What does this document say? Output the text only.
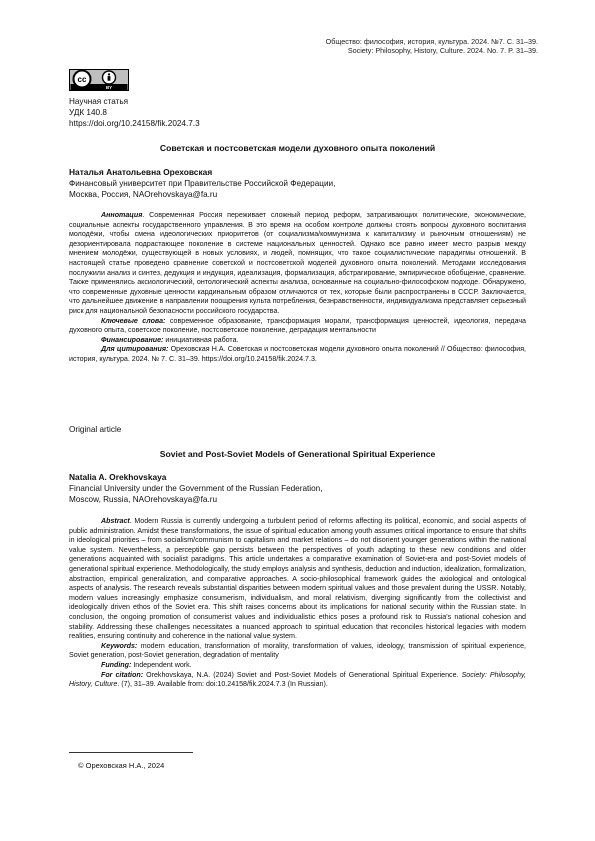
Общество: философия, история, культура. 2024. №7. С. 31–39.
Society: Philosophy, History, Culture. 2024. No. 7. P. 31–39.
cc
BY
Научная статья
УДК 140.8
https://doi.org/10.24158/fik.2024.7.3
Советская и постсоветская модели духовного опыта поколений
Наталья Анатольевна Ореховская
Финансовый университет при Правительстве Российской Федерации,
Москва, Россия, NAOrehovskaya@fa.ru

Аннотация. Современная Россия переживает сложный период реформ, затрагивающих политические, экономические, социальные аспекты государственного управления. В это время на особом контроле должны стоять вопросы духовного воспитания молодёжи, чтобы смена идеологических приоритетов (от социализма/коммунизма к капитализму и рыночным отношениям) не дезориентировала подрастающее поколение в системе национальных ценностей. Однако все равно имеет место разрыв между мнением молодёжи, существующей в новых условиях, и людей, помнящих, что такое социалистические парадигмы отношений. В настоящей статье проведено сравнение советской и постсоветской моделей духовного опыта поколений. Методами исследования послужили анализ и синтез, дедукция и индукция, идеализация, формализация, абстрагирование, эмпирическое обобщение, сравнение. Также применялись аксиологический, онтологический аспекты анализа, основанные на социально-философском подходе. Обнаружено, что современные духовные ценности кардинальным образом отличаются от тех, которые были распространены в СССР. Заключается, что дальнейшее движение в направлении поощрения культа потребления, безнравственности, индивидуализма представляет серьезный риск для национальной безопасности российского государства.

Ключевые слова: современное образование, трансформация морали, трансформация ценностей, идеология, передача духовного опыта, советское поколение, постсоветское поколение, деградация ментальности

Финансирование: инициативная работа.

Для цитирования: Ореховская Н.А. Советская и постсоветская модели духовного опыта поколений // Общество: философия, история, культура. 2024. № 7. С. 31–39. https://doi.org/10.24158/fik.2024.7.3.

Original article
Soviet and Post-Soviet Models of Generational Spiritual Experience
Natalia A. Orekhovskaya
Financial University under the Government of the Russian Federation,
Moscow, Russia, NAOrehovskaya@fa.ru

Abstract. Modern Russia is currently undergoing a turbulent period of reforms affecting its political, economic, and social aspects of public administration. Amidst these transformations, the issue of spiritual education among youth assumes critical importance to ensure that shifts in ideological priorities – from socialism/communism to capitalism and market relations – do not disorient younger generations within the national value system. Nevertheless, a perceptible gap persists between the perspectives of youth adapting to these new conditions and older generations acquainted with socialist paradigms. This article undertakes a comparative examination of Soviet-era and post-Soviet models of generational spiritual experience. Methodologically, the study employs analysis and synthesis, deduction and induction, idealization, formalization, abstraction, empirical generalization, and comparative approaches. A socio-philosophical framework guides the axiological and ontological aspects of analysis. The research reveals substantial disparities between modern spiritual values and those prevalent during the USSR. Notably, modern values increasingly emphasize consumerism, individualism, and moral relativism, diverging significantly from the collectivist and ideologically driven ethos of the Soviet era. This shift raises concerns about its implications for national security within the Russian state. In conclusion, the ongoing promotion of consumerist values and individualistic ethics poses a profound risk to Russia's national cohesion and stability. Addressing these challenges necessitates a nuanced approach to spiritual education that reconciles historical legacies with modern realities, ensuring continuity and coherence in the national value system.

Keywords: modern education, transformation of morality, transformation of values, ideology, transmission of spiritual experience, Soviet generation, post-Soviet generation, degradation of mentality

Funding: Independent work.

For citation: Orekhovskaya, N.A. (2024) Soviet and Post-Soviet Models of Generational Spiritual Experience. Society: Philosophy, History, Culture. (7), 31–39. Available from: doi:10.24158/fik.2024.7.3 (In Russian).

© Ореховская Н.А., 2024
